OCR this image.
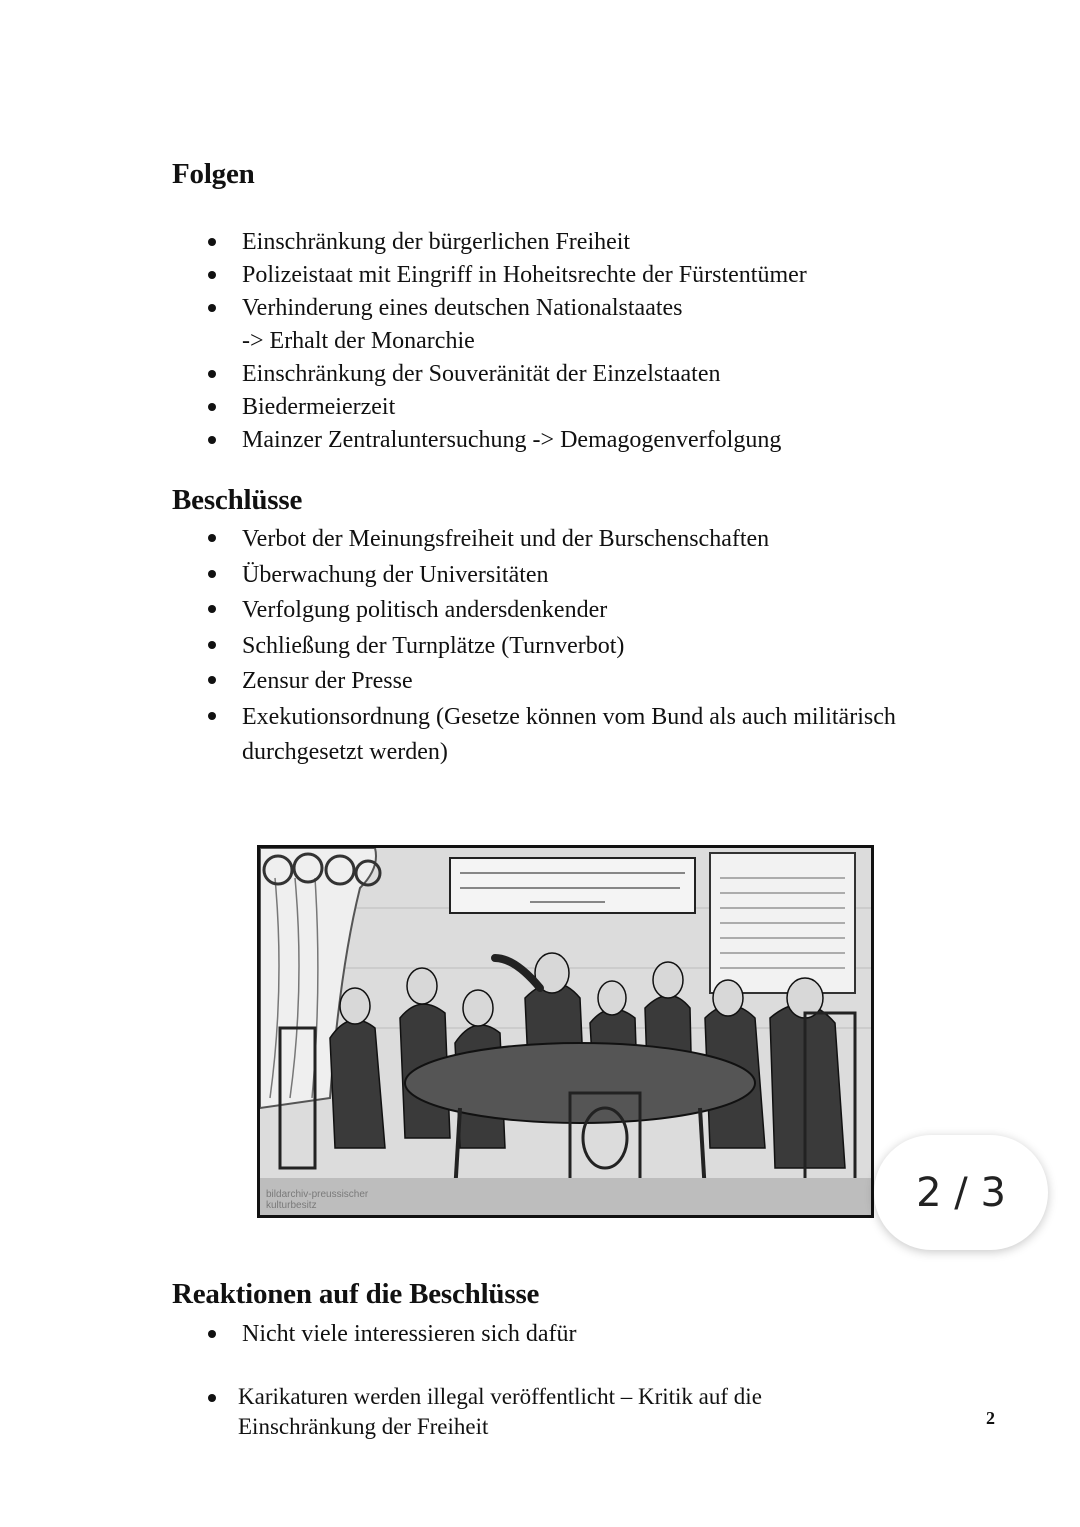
Folgen
Einschränkung der bürgerlichen Freiheit
Polizeistaat mit Eingriff in Hoheitsrechte der Fürstentümer
Verhinderung eines deutschen Nationalstaates
-> Erhalt der Monarchie
Einschränkung der Souveränität der Einzelstaaten
Biedermeierzeit
Mainzer Zentraluntersuchung -> Demagogenverfolgung
Beschlüsse
Verbot der Meinungsfreiheit und der Burschenschaften
Überwachung der Universitäten
Verfolgung politisch andersdenkender
Schließung der Turnplätze (Turnverbot)
Zensur der Presse
Exekutionsordnung (Gesetze können vom Bund als auch militärisch durchgesetzt werden)
bildarchiv-preussischer
kulturbesitz	2 / 3
Reaktionen auf die Beschlüsse
Nicht viele interessieren sich dafür
Karikaturen werden illegal veröffentlicht – Kritik auf die Einschränkung der Freiheit	2
